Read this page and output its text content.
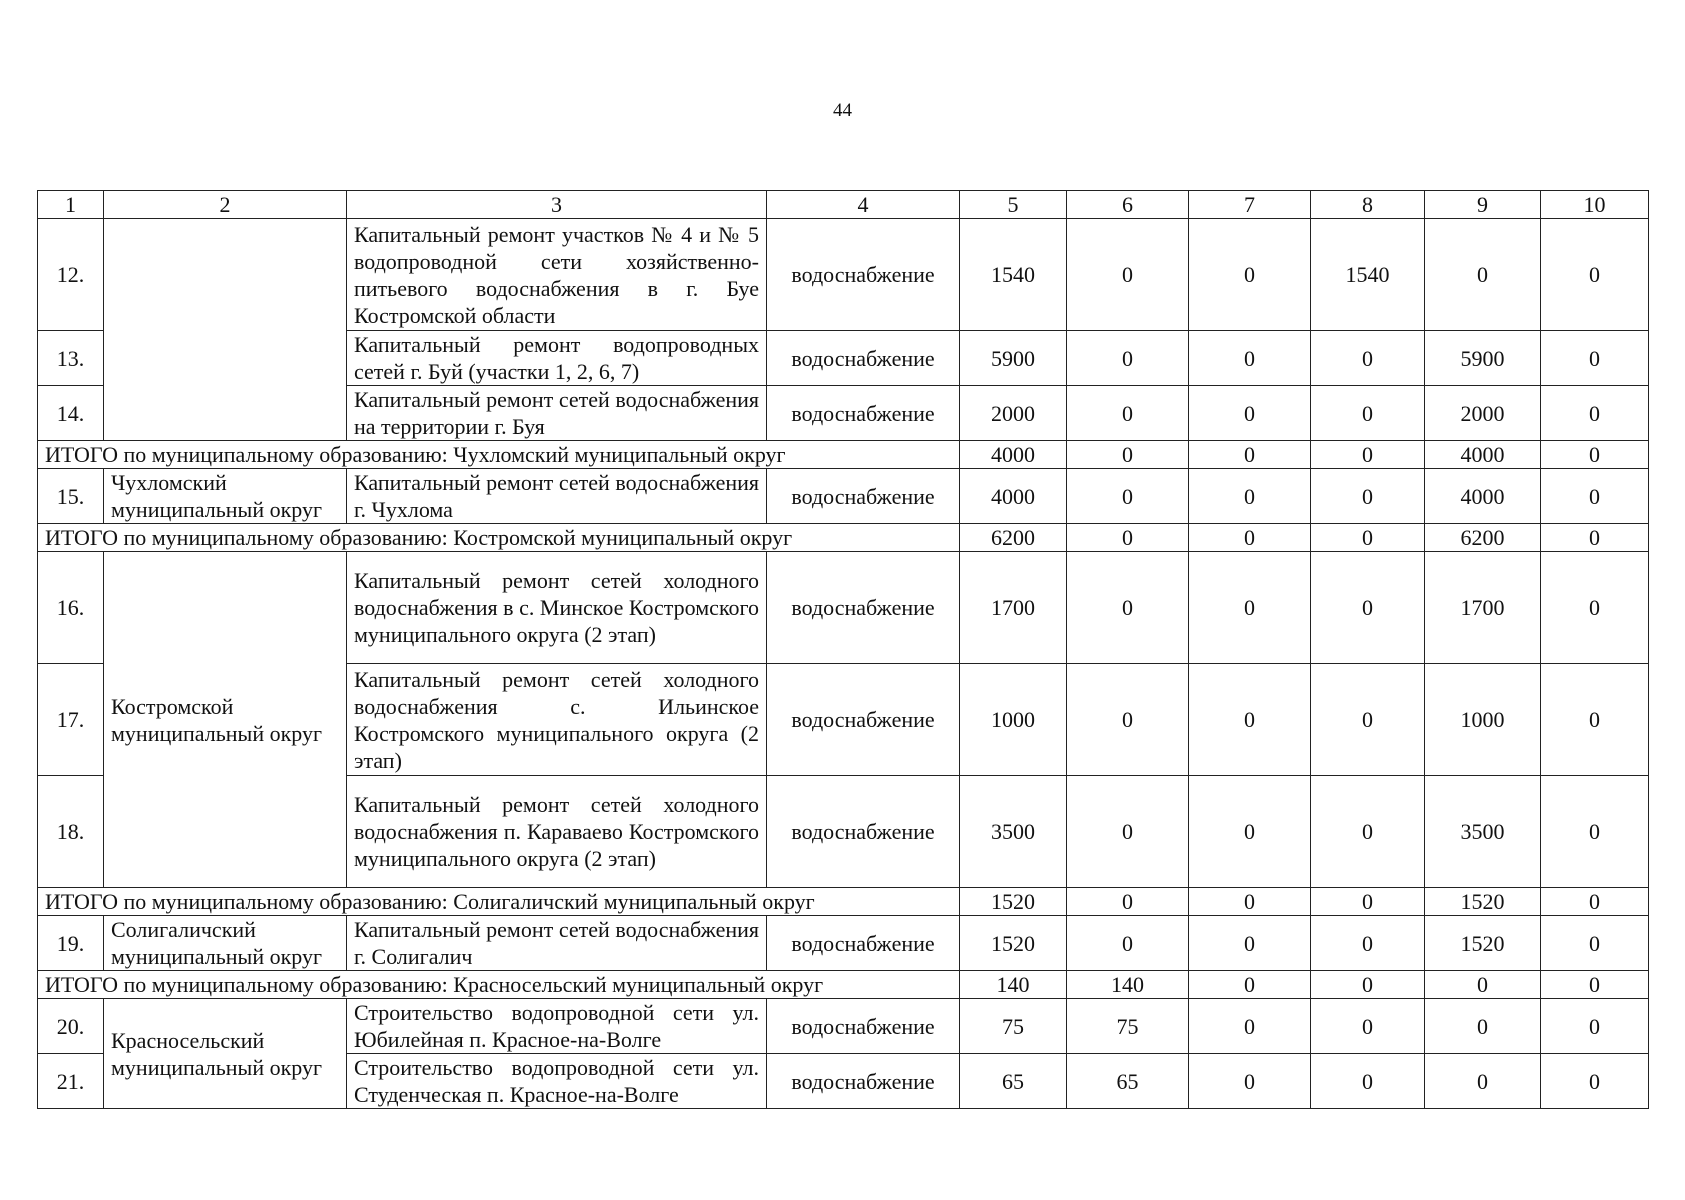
44
1	2	3	4	5	6	7	8	9	10
12.		Капитальный ремонт участков № 4 и № 5 водопроводной сети хозяйственно-питьевого водоснабжения в г. Буе Костромской области	водоснабжение	1540	0	0	1540	0	0
13.		Капитальный ремонт водопроводных сетей г. Буй (участки 1, 2, 6, 7)	водоснабжение	5900	0	0	0	5900	0
14.		Капитальный ремонт сетей водоснабжения на территории г. Буя	водоснабжение	2000	0	0	0	2000	0
ИТОГО по муниципальному образованию: Чухломский муниципальный округ				4000	0	0	0	4000	0
15.	Чухломский муниципальный округ	Капитальный ремонт сетей водоснабжения г. Чухлома	водоснабжение	4000	0	0	0	4000	0
ИТОГО по муниципальному образованию: Костромской муниципальный округ				6200	0	0	0	6200	0
16.	Костромской муниципальный округ	Капитальный ремонт сетей холодного водоснабжения в с. Минское Костромского муниципального округа (2 этап)	водоснабжение	1700	0	0	0	1700	0
17.		Капитальный ремонт сетей холодного водоснабжения с. Ильинское Костромского муниципального округа (2 этап)	водоснабжение	1000	0	0	0	1000	0
18.		Капитальный ремонт сетей холодного водоснабжения п. Караваево Костромского муниципального округа (2 этап)	водоснабжение	3500	0	0	0	3500	0
ИТОГО по муниципальному образованию: Солигаличский муниципальный округ				1520	0	0	0	1520	0
19.	Солигаличский муниципальный округ	Капитальный ремонт сетей водоснабжения г. Солигалич	водоснабжение	1520	0	0	0	1520	0
ИТОГО по муниципальному образованию: Красносельский муниципальный округ				140	140	0	0	0	0
20.	Красносельский муниципальный округ	Строительство водопроводной сети ул. Юбилейная п. Красное-на-Волге	водоснабжение	75	75	0	0	0	0
21.		Строительство водопроводной сети ул. Студенческая п. Красное-на-Волге	водоснабжение	65	65	0	0	0	0
